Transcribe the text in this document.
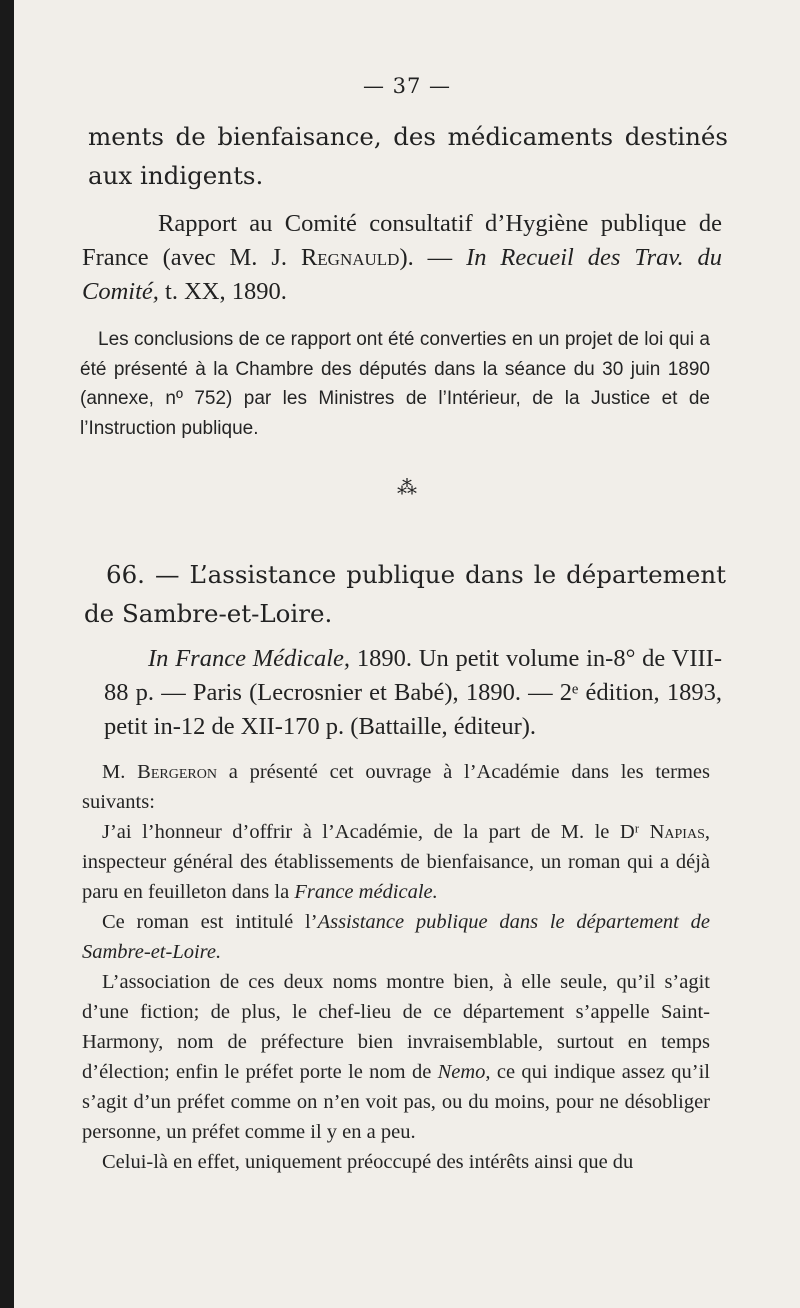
— 37 —
ments de bienfaisance, des médicaments destinés aux indigents.
Rapport au Comité consultatif d’Hygiène publique de France (avec M. J. Regnauld). — In Recueil des Trav. du Comité, t. XX, 1890.
Les conclusions de ce rapport ont été converties en un projet de loi qui a été présenté à la Chambre des députés dans la séance du 30 juin 1890 (annexe, nº 752) par les Ministres de l’Intérieur, de la Justice et de l’Instruction publique.
⁂
66. — L’assistance publique dans le département de Sambre-et-Loire.
In France Médicale, 1890. Un petit volume in-8° de VIII-88 p. — Paris (Lecrosnier et Babé), 1890. — 2ᵉ édition, 1893, petit in-12 de XII-170 p. (Battaille, éditeur).
M. Bergeron a présenté cet ouvrage à l’Académie dans les termes suivants:
J’ai l’honneur d’offrir à l’Académie, de la part de M. le Dʳ Napias, inspecteur général des établissements de bienfaisance, un roman qui a déjà paru en feuilleton dans la France médicale.
Ce roman est intitulé l’Assistance publique dans le département de Sambre-et-Loire.
L’association de ces deux noms montre bien, à elle seule, qu’il s’agit d’une fiction; de plus, le chef-lieu de ce département s’appelle Saint-Harmony, nom de préfecture bien invraisemblable, surtout en temps d’élection; enfin le préfet porte le nom de Nemo, ce qui indique assez qu’il s’agit d’un préfet comme on n’en voit pas, ou du moins, pour ne désobliger personne, un préfet comme il y en a peu.
Celui-là en effet, uniquement préoccupé des intérêts ainsi que du
